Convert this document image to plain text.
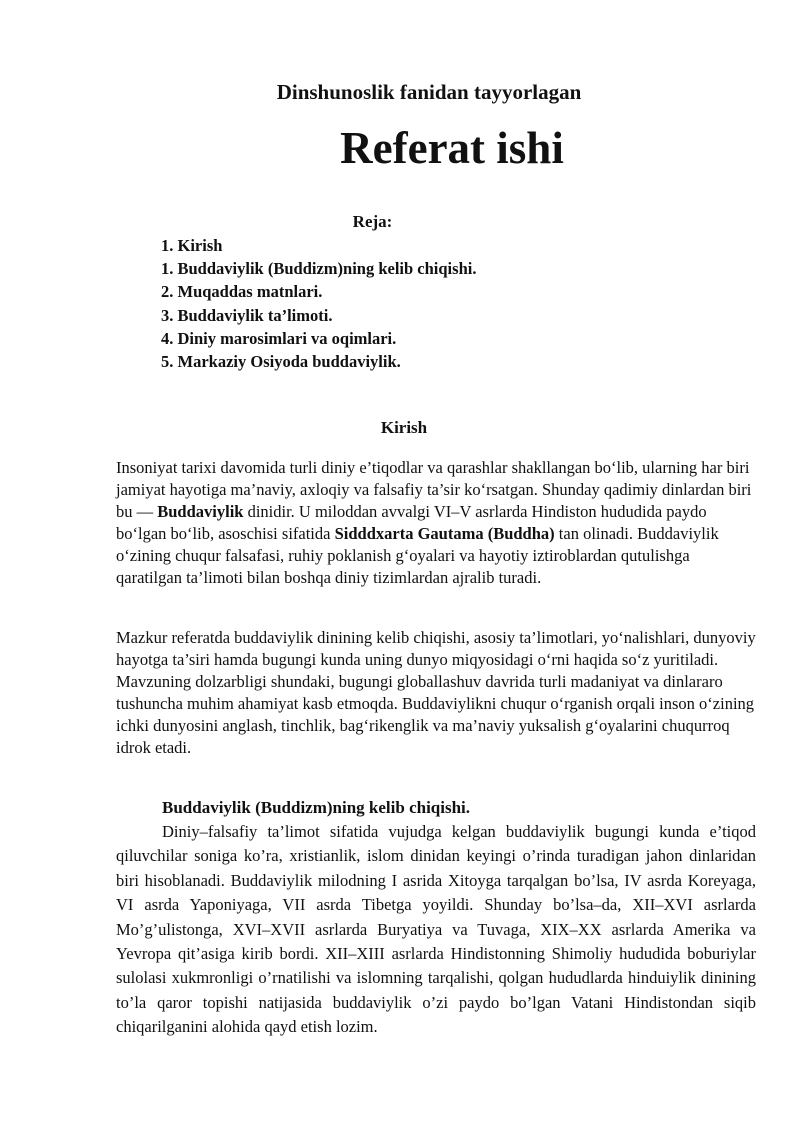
Dinshunoslik fanidan tayyorlagan
Referat ishi
Reja:
1. Kirish
1. Buddaviylik (Buddizm)ning kelib chiqishi.
2. Muqaddas matnlari.
3. Buddaviylik ta’limoti.
4. Diniy marosimlari va oqimlari.
5. Markaziy Osiyoda buddaviylik.
Kirish

Insoniyat tarixi davomida turli diniy e’tiqodlar va qarashlar shakllangan bo‘lib, ularning har biri jamiyat hayotiga ma’naviy, axloqiy va falsafiy ta’sir ko‘rsatgan. Shunday qadimiy dinlardan biri bu — Buddaviylik dinidir. U miloddan avvalgi VI–V asrlarda Hindiston hududida paydo bo‘lgan bo‘lib, asoschisi sifatida Sidddxarta Gautama (Buddha) tan olinadi. Buddaviylik o‘zining chuqur falsafasi, ruhiy poklanish g‘oyalari va hayotiy iztiroblardan qutulishga qaratilgan ta’limoti bilan boshqa diniy tizimlardan ajralib turadi.

Mazkur referatda buddaviylik dinining kelib chiqishi, asosiy ta’limotlari, yo‘nalishlari, dunyoviy hayotga ta’siri hamda bugungi kunda uning dunyo miqyosidagi o‘rni haqida so‘z yuritiladi. Mavzuning dolzarbligi shundaki, bugungi globallashuv davrida turli madaniyat va dinlararo tushuncha muhim ahamiyat kasb etmoqda. Buddaviylikni chuqur o‘rganish orqali inson o‘zining ichki dunyosini anglash, tinchlik, bag‘rikenglik va ma’naviy yuksalish g‘oyalarini chuqurroq idrok etadi.

Buddaviylik (Buddizm)ning kelib chiqishi.

Diniy–falsafiy ta’limot sifatida vujudga kelgan buddaviylik bugungi kunda e’tiqod qiluvchilar soniga ko’ra, xristianlik, islom dinidan keyingi o’rinda turadigan jahon dinlaridan biri hisoblanadi. Buddaviylik milodning I asrida Xitoyga tarqalgan bo’lsa, IV asrda Koreyaga, VI asrda Yaponiyaga, VII asrda Tibetga yoyildi. Shunday bo’lsa–da, XII–XVI asrlarda Mo’g’ulistonga, XVI–XVII asrlarda Buryatiya va Tuvaga, XIX–XX asrlarda Amerika va Yevropa qit’asiga kirib bordi. XII–XIII asrlarda Hindistonning Shimoliy hududida boburiylar sulolasi xukmronligi o’rnatilishi va islomning tarqalishi, qolgan hududlarda hinduiylik dinining to’la qaror topishi natijasida buddaviylik o’zi paydo bo’lgan Vatani Hindistondan siqib chiqarilganini alohida qayd etish lozim.
